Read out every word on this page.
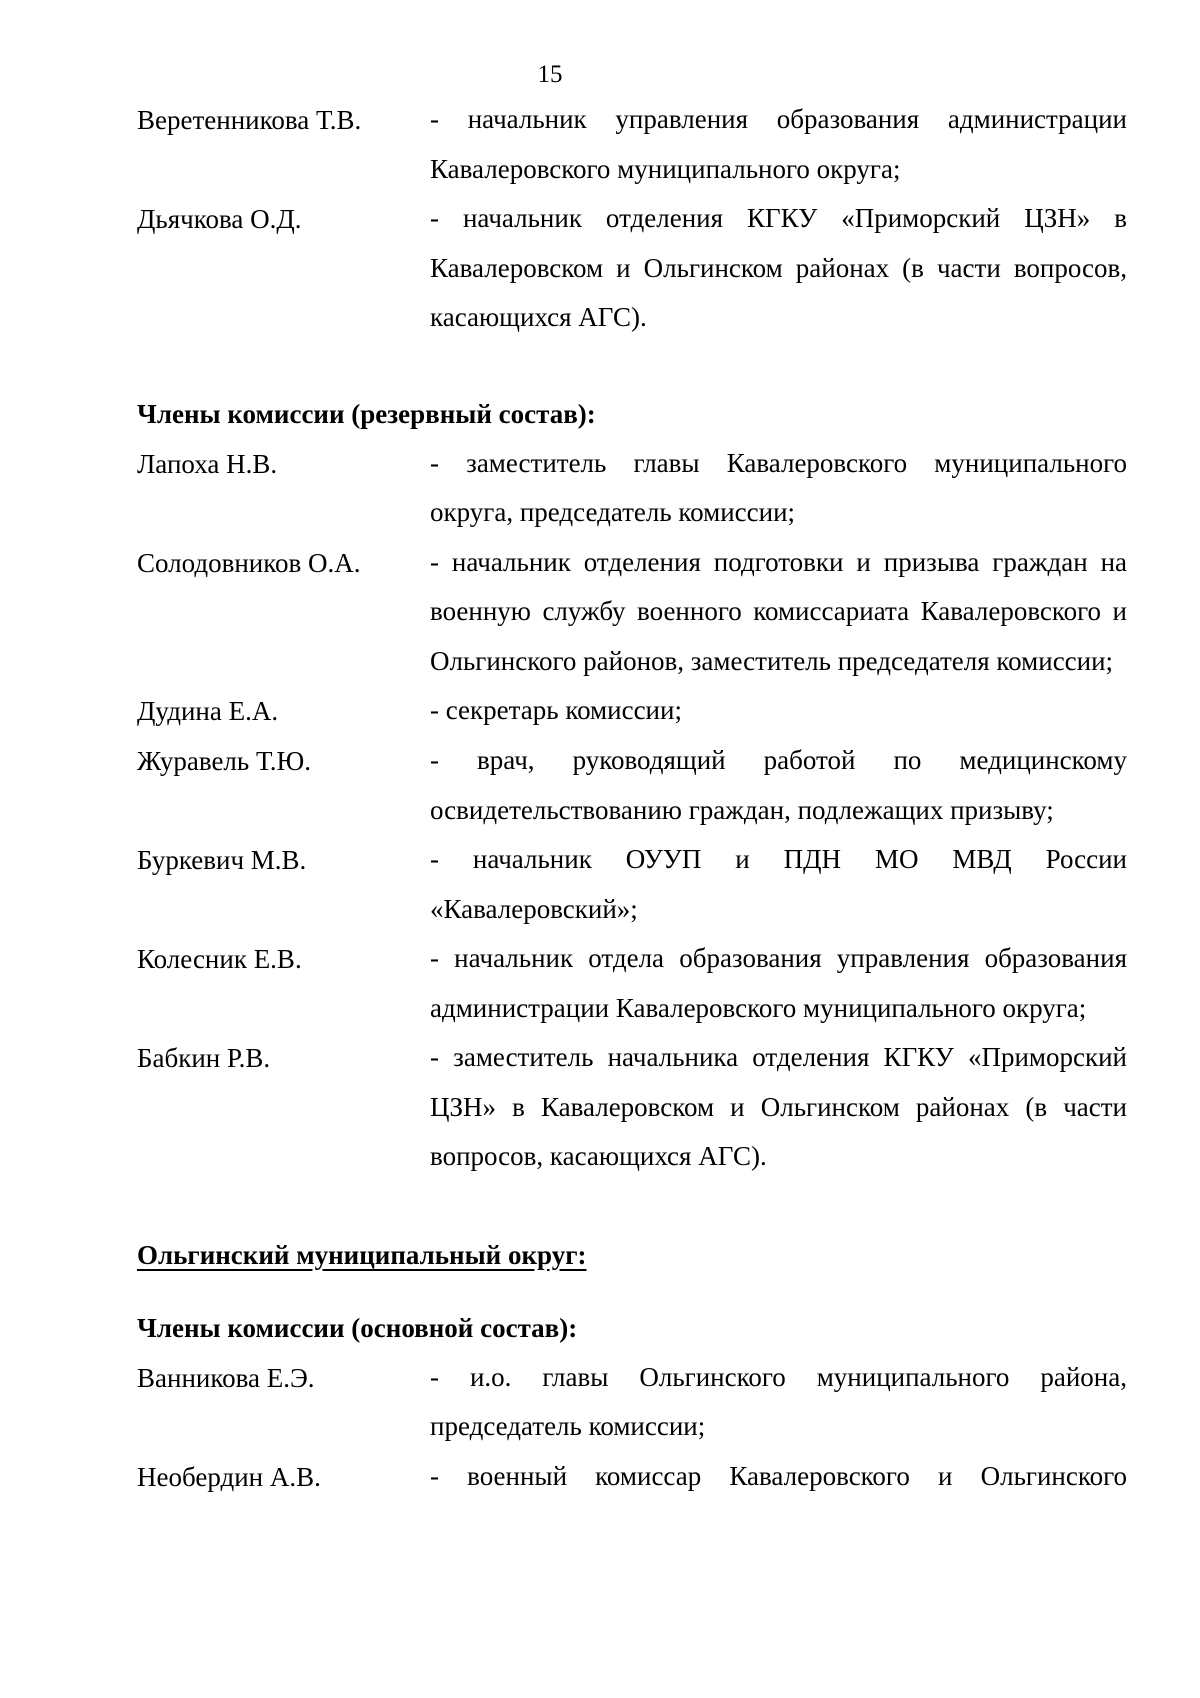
15
Веретенникова Т.В.	- начальник управления образования администрации Кавалеровского муниципального округа;
Дьячкова О.Д.	- начальник отделения КГКУ «Приморский ЦЗН» в Кавалеровском и Ольгинском районах (в части вопросов, касающихся АГС).
Члены комиссии (резервный состав):
Лапоха Н.В.	- заместитель главы Кавалеровского муниципального округа, председатель комиссии;
Солодовников О.А.	- начальник отделения подготовки и призыва граждан на военную службу военного комиссариата Кавалеровского и Ольгинского районов, заместитель председателя комиссии;
Дудина Е.А.	- секретарь комиссии;
Журавель Т.Ю.	- врач, руководящий работой по медицинскому освидетельствованию граждан, подлежащих призыву;
Буркевич М.В.	- начальник ОУУП и ПДН МО МВД России «Кавалеровский»;
Колесник Е.В.	- начальник отдела образования управления образования администрации Кавалеровского муниципального округа;
Бабкин Р.В.	- заместитель начальника отделения КГКУ «Приморский ЦЗН» в Кавалеровском и Ольгинском районах (в части вопросов, касающихся АГС).
Ольгинский муниципальный округ:
Члены комиссии (основной состав):
Ванникова Е.Э.	- и.о. главы Ольгинского муниципального района, председатель комиссии;
Необердин А.В.	- военный комиссар Кавалеровского и Ольгинского
